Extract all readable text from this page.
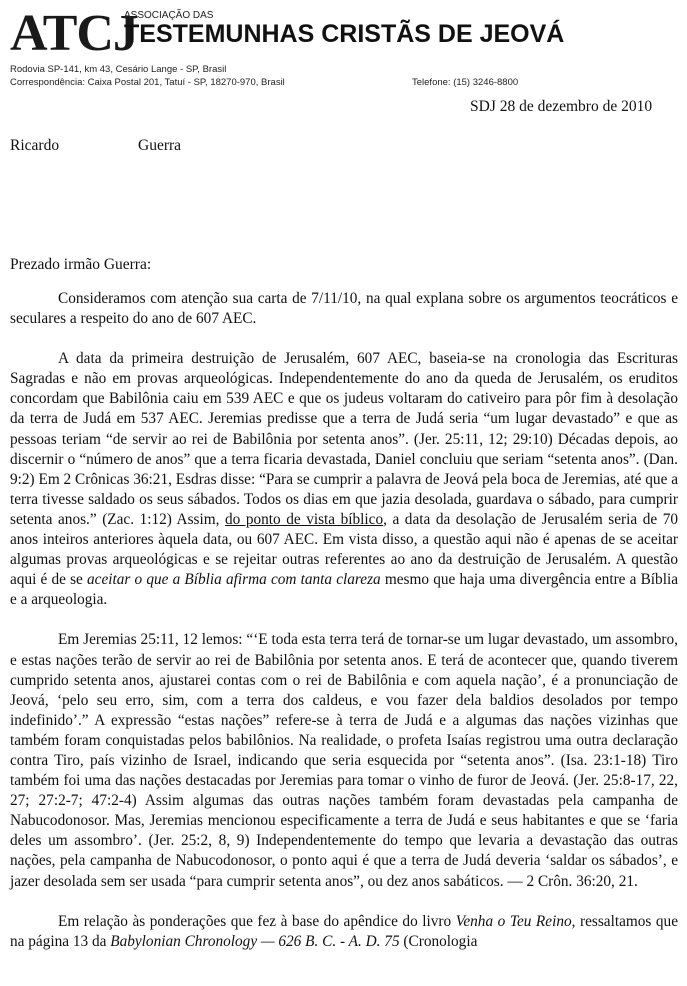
ATCJ
ASSOCIAÇÃO DAS
TESTEMUNHAS CRISTÃS DE JEOVÁ
Rodovia SP-141, km 43, Cesário Lange - SP, Brasil
Correspondência: Caixa Postal 201, Tatuí - SP, 18270-970, Brasil	Telefone: (15) 3246-8800
SDJ 28 de dezembro de 2010
Ricardo	Guerra
Prezado irmão Guerra:

Consideramos com atenção sua carta de 7/11/10, na qual explana sobre os argumentos teocráticos e seculares a respeito do ano de 607 AEC.

A data da primeira destruição de Jerusalém, 607 AEC, baseia-se na cronologia das Escrituras Sagradas e não em provas arqueológicas. Independentemente do ano da queda de Jerusalém, os eruditos concordam que Babilônia caiu em 539 AEC e que os judeus voltaram do cativeiro para pôr fim à desolação da terra de Judá em 537 AEC. Jeremias predisse que a terra de Judá seria “um lugar devastado” e que as pessoas teriam “de servir ao rei de Babilônia por setenta anos”. (Jer. 25:11, 12; 29:10) Décadas depois, ao discernir o “número de anos” que a terra ficaria devastada, Daniel concluiu que seriam “setenta anos”. (Dan. 9:2) Em 2 Crônicas 36:21, Esdras disse: “Para se cumprir a palavra de Jeová pela boca de Jeremias, até que a terra tivesse saldado os seus sábados. Todos os dias em que jazia desolada, guardava o sábado, para cumprir setenta anos.” (Zac. 1:12) Assim, do ponto de vista bíblico, a data da desolação de Jerusalém seria de 70 anos inteiros anteriores àquela data, ou 607 AEC. Em vista disso, a questão aqui não é apenas de se aceitar algumas provas arqueológicas e se rejeitar outras referentes ao ano da destruição de Jerusalém. A questão aqui é de se aceitar o que a Bíblia afirma com tanta clareza mesmo que haja uma divergência entre a Bíblia e a arqueologia.

Em Jeremias 25:11, 12 lemos: “‘E toda esta terra terá de tornar-se um lugar devastado, um assombro, e estas nações terão de servir ao rei de Babilônia por setenta anos. E terá de acontecer que, quando tiverem cumprido setenta anos, ajustarei contas com o rei de Babilônia e com aquela nação’, é a pronunciação de Jeová, ‘pelo seu erro, sim, com a terra dos caldeus, e vou fazer dela baldios desolados por tempo indefinido’.” A expressão “estas nações” refere-se à terra de Judá e a algumas das nações vizinhas que também foram conquistadas pelos babilônios. Na realidade, o profeta Isaías registrou uma outra declaração contra Tiro, país vizinho de Israel, indicando que seria esquecida por “setenta anos”. (Isa. 23:1-18) Tiro também foi uma das nações destacadas por Jeremias para tomar o vinho de furor de Jeová. (Jer. 25:8-17, 22, 27; 27:2-7; 47:2-4) Assim algumas das outras nações também foram devastadas pela campanha de Nabucodonosor. Mas, Jeremias mencionou especificamente a terra de Judá e seus habitantes e que se ‘faria deles um assombro’. (Jer. 25:2, 8, 9) Independentemente do tempo que levaria a devastação das outras nações, pela campanha de Nabucodonosor, o ponto aqui é que a terra de Judá deveria ‘saldar os sábados’, e jazer desolada sem ser usada “para cumprir setenta anos”, ou dez anos sabáticos. — 2 Crôn. 36:20, 21.

Em relação às ponderações que fez à base do apêndice do livro Venha o Teu Reino, ressaltamos que na página 13 da Babylonian Chronology — 626 B. C. - A. D. 75 (Cronologia
